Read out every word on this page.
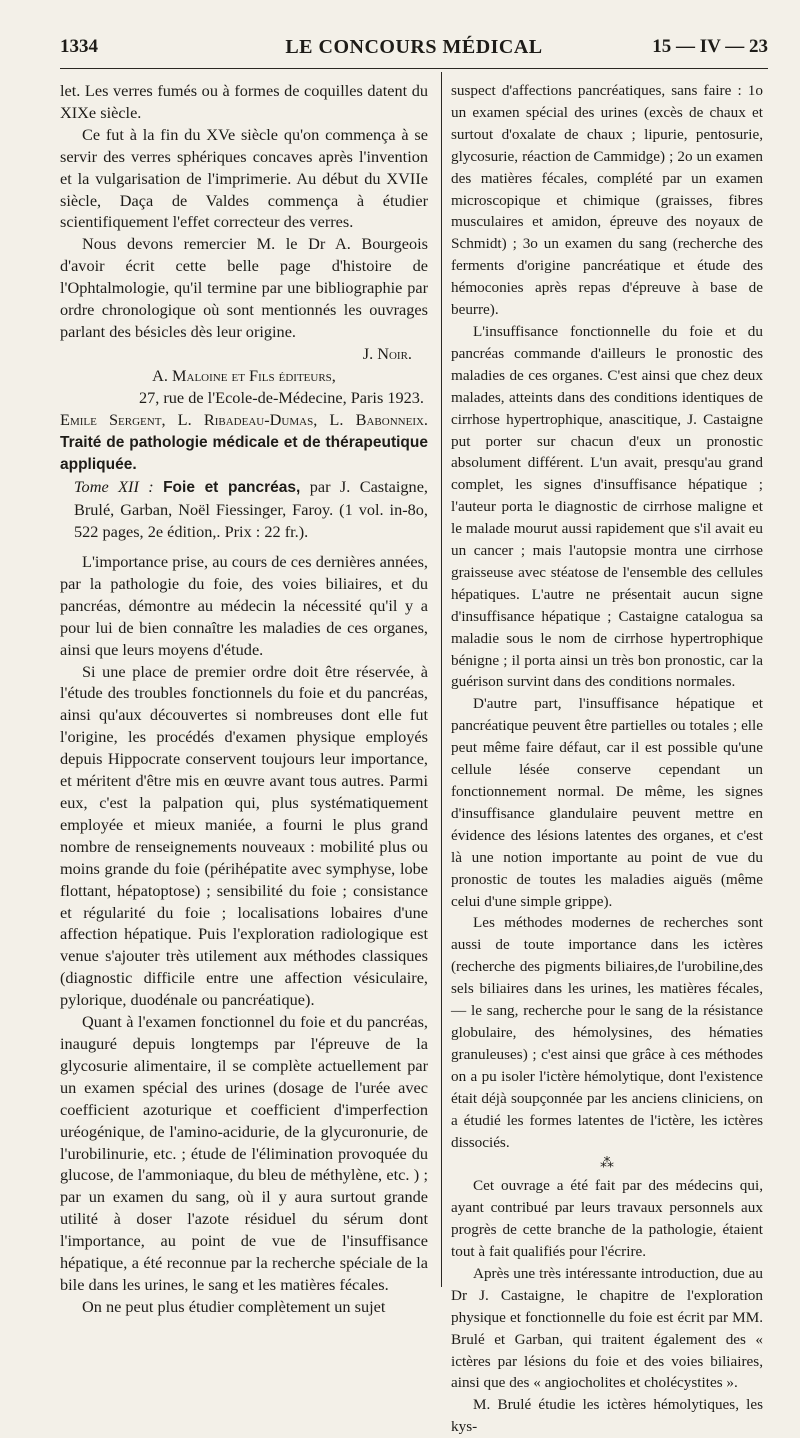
LE CONCOURS MÉDICAL
1334	15 — IV — 23

let. Les verres fumés ou à formes de coquilles datent du XIXe siècle.

Ce fut à la fin du XVe siècle qu'on commença à se servir des verres sphériques concaves après l'invention et la vulgarisation de l'imprimerie. Au début du XVIIe siècle, Daça de Valdes commença à étudier scientifiquement l'effet correcteur des verres.

Nous devons remercier M. le Dr A. Bourgeois d'avoir écrit cette belle page d'histoire de l'Ophtalmologie, qu'il termine par une bibliographie par ordre chronologique où sont mentionnés les ouvrages parlant des bésicles dès leur origine.

J. Noir.

A. Maloine et Fils éditeurs,

27, rue de l'Ecole-de-Médecine, Paris 1923.

Emile Sergent, L. Ribadeau-Dumas, L. Babonneix. Traité de pathologie médicale et de thérapeutique appliquée.

Tome XII : Foie et pancréas, par J. Castaigne, Brulé, Garban, Noël Fiessinger, Faroy. (1 vol. in-8o, 522 pages, 2e édition,. Prix : 22 fr.).

L'importance prise, au cours de ces dernières années, par la pathologie du foie, des voies biliaires, et du pancréas, démontre au médecin la nécessité qu'il y a pour lui de bien connaître les maladies de ces organes, ainsi que leurs moyens d'étude.

Si une place de premier ordre doit être réservée, à l'étude des troubles fonctionnels du foie et du pancréas, ainsi qu'aux découvertes si nombreuses dont elle fut l'origine, les procédés d'examen physique employés depuis Hippocrate conservent toujours leur importance, et méritent d'être mis en œuvre avant tous autres. Parmi eux, c'est la palpation qui, plus systématiquement employée et mieux maniée, a fourni le plus grand nombre de renseignements nouveaux : mobilité plus ou moins grande du foie (périhépatite avec symphyse, lobe flottant, hépatoptose) ; sensibilité du foie ; consistance et régularité du foie ; localisations lobaires d'une affection hépatique. Puis l'exploration radiologique est venue s'ajouter très utilement aux méthodes classiques (diagnostic difficile entre une affection vésiculaire, pylorique, duodénale ou pancréatique).

Quant à l'examen fonctionnel du foie et du pancréas, inauguré depuis longtemps par l'épreuve de la glycosurie alimentaire, il se complète actuellement par un examen spécial des urines (dosage de l'urée avec coefficient azoturique et coefficient d'imperfection uréogénique, de l'amino-acidurie, de la glycuronurie, de l'urobilinurie, etc. ; étude de l'élimination provoquée du glucose, de l'ammoniaque, du bleu de méthylène, etc. ) ; par un examen du sang, où il y aura surtout grande utilité à doser l'azote résiduel du sérum dont l'importance, au point de vue de l'insuffisance hépatique, a été reconnue par la recherche spéciale de la bile dans les urines, le sang et les matières fécales.

On ne peut plus étudier complètement un sujet

suspect d'affections pancréatiques, sans faire : 1o un examen spécial des urines (excès de chaux et surtout d'oxalate de chaux ; lipurie, pentosurie, glycosurie, réaction de Cammidge) ; 2o un examen des matières fécales, complété par un examen microscopique et chimique (graisses, fibres musculaires et amidon, épreuve des noyaux de Schmidt) ; 3o un examen du sang (recherche des ferments d'origine pancréatique et étude des hémoconies après repas d'épreuve à base de beurre).

L'insuffisance fonctionnelle du foie et du pancréas commande d'ailleurs le pronostic des maladies de ces organes. C'est ainsi que chez deux malades, atteints dans des conditions identiques de cirrhose hypertrophique, anascitique, J. Castaigne put porter sur chacun d'eux un pronostic absolument différent. L'un avait, presqu'au grand complet, les signes d'insuffisance hépatique ; l'auteur porta le diagnostic de cirrhose maligne et le malade mourut aussi rapidement que s'il avait eu un cancer ; mais l'autopsie montra une cirrhose graisseuse avec stéatose de l'ensemble des cellules hépatiques. L'autre ne présentait aucun signe d'insuffisance hépatique ; Castaigne catalogua sa maladie sous le nom de cirrhose hypertrophique bénigne ; il porta ainsi un très bon pronostic, car la guérison survint dans des conditions normales.

D'autre part, l'insuffisance hépatique et pancréatique peuvent être partielles ou totales ; elle peut même faire défaut, car il est possible qu'une cellule lésée conserve cependant un fonctionnement normal. De même, les signes d'insuffisance glandulaire peuvent mettre en évidence des lésions latentes des organes, et c'est là une notion importante au point de vue du pronostic de toutes les maladies aiguës (même celui d'une simple grippe).

Les méthodes modernes de recherches sont aussi de toute importance dans les ictères (recherche des pigments biliaires,de l'urobiline,des sels biliaires dans les urines, les matières fécales, — le sang, recherche pour le sang de la résistance globulaire, des hémolysines, des hématies granuleuses) ; c'est ainsi que grâce à ces méthodes on a pu isoler l'ictère hémolytique, dont l'existence était déjà soupçonnée par les anciens cliniciens, on a étudié les formes latentes de l'ictère, les ictères dissociés.

⁂

Cet ouvrage a été fait par des médecins qui, ayant contribué par leurs travaux personnels aux progrès de cette branche de la pathologie, étaient tout à fait qualifiés pour l'écrire.

Après une très intéressante introduction, due au Dr J. Castaigne, le chapitre de l'exploration physique et fonctionnelle du foie est écrit par MM. Brulé et Garban, qui traitent également des « ictères par lésions du foie et des voies biliaires, ainsi que des « angiocholites et cholécystites ».

M. Brulé étudie les ictères hémolytiques, les kys-
